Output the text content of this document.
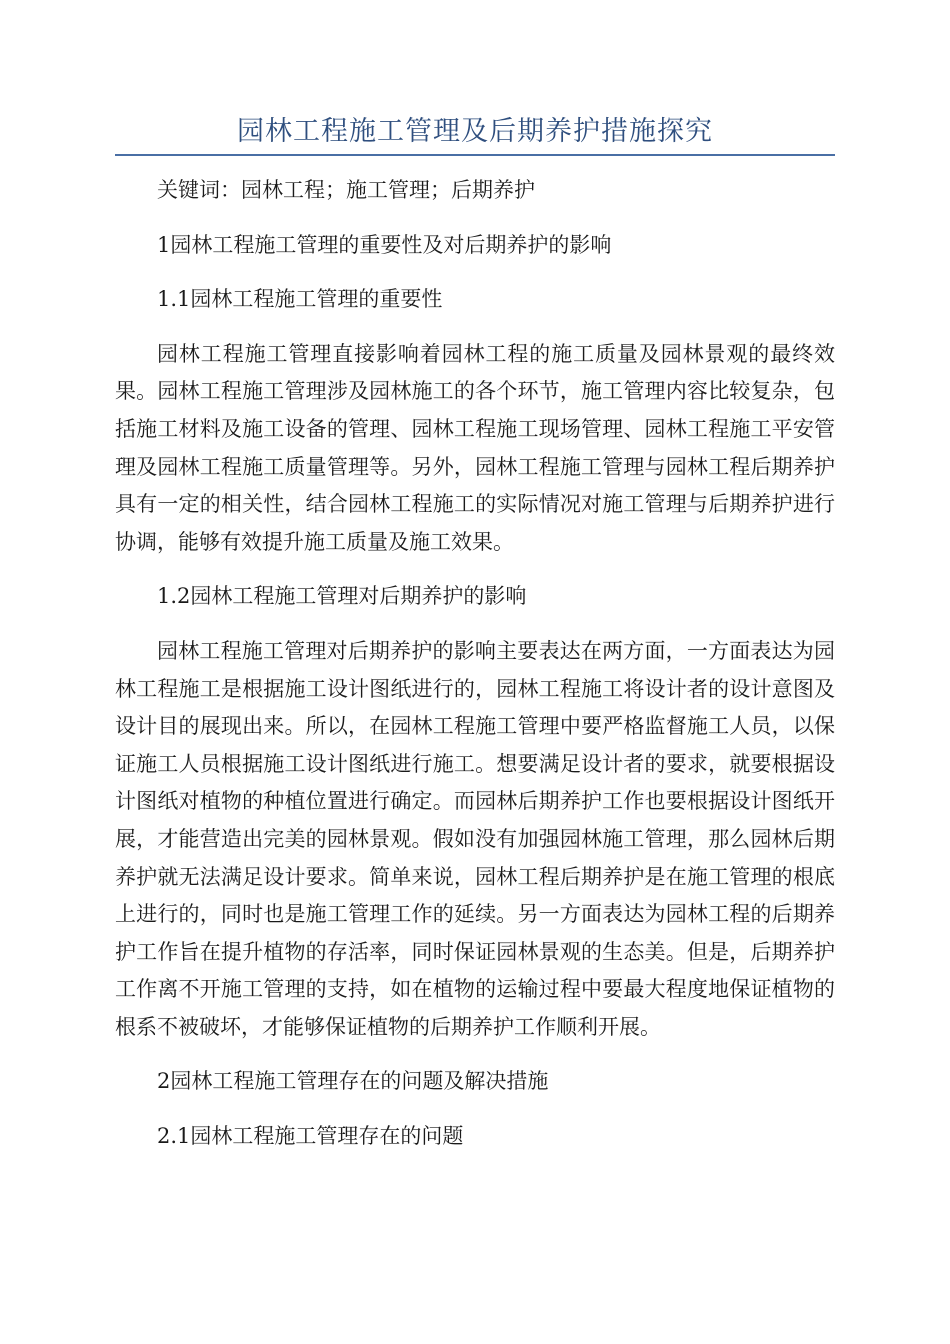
园林工程施工管理及后期养护措施探究

关键词：园林工程；施工管理；后期养护

1园林工程施工管理的重要性及对后期养护的影响

1.1园林工程施工管理的重要性

园林工程施工管理直接影响着园林工程的施工质量及园林景观的最终效果。园林工程施工管理涉及园林施工的各个环节，施工管理内容比较复杂，包括施工材料及施工设备的管理、园林工程施工现场管理、园林工程施工平安管理及园林工程施工质量管理等。另外，园林工程施工管理与园林工程后期养护具有一定的相关性，结合园林工程施工的实际情况对施工管理与后期养护进行协调，能够有效提升施工质量及施工效果。

1.2园林工程施工管理对后期养护的影响

园林工程施工管理对后期养护的影响主要表达在两方面，一方面表达为园林工程施工是根据施工设计图纸进行的，园林工程施工将设计者的设计意图及设计目的展现出来。所以，在园林工程施工管理中要严格监督施工人员，以保证施工人员根据施工设计图纸进行施工。想要满足设计者的要求，就要根据设计图纸对植物的种植位置进行确定。而园林后期养护工作也要根据设计图纸开展，才能营造出完美的园林景观。假如没有加强园林施工管理，那么园林后期养护就无法满足设计要求。简单来说，园林工程后期养护是在施工管理的根底上进行的，同时也是施工管理工作的延续。另一方面表达为园林工程的后期养护工作旨在提升植物的存活率，同时保证园林景观的生态美。但是，后期养护工作离不开施工管理的支持，如在植物的运输过程中要最大程度地保证植物的根系不被破坏，才能够保证植物的后期养护工作顺利开展。

2园林工程施工管理存在的问题及解决措施

2.1园林工程施工管理存在的问题
